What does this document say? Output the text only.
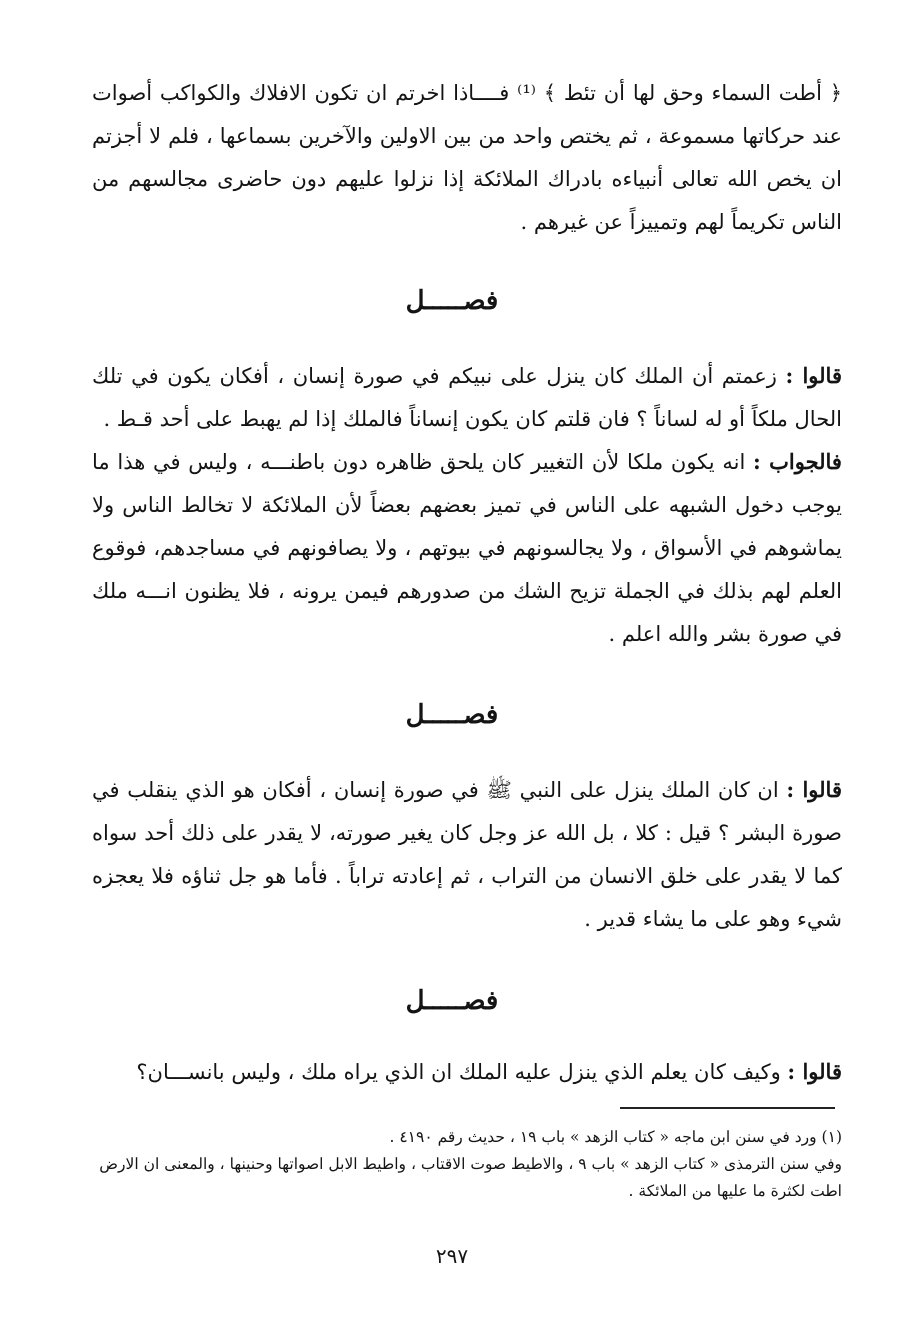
﴿ أطت السماء وحق لها أن تئط ﴾ ⁽¹⁾ فــــاذا اخرتم ان تكون الافلاك والكواكب أصوات عند حركاتها مسموعة ، ثم يختص واحد من بين الاولين والآخرين بسماعها ، فلم لا أجزتم ان يخص الله تعالى أنبياءه بادراك الملائكة إذا نزلوا عليهم دون حاضرى مجالسهم من الناس تكريماً لهم وتمييزاً عن غيرهم .

فصـــــل

قالوا : زعمتم أن الملك كان ينزل على نبيكم في صورة إنسان ، أفكان يكون في تلك الحال ملكاً أو له لساناً ؟ فان قلتم كان يكون إنساناً فالملك إذا لم يهبط على أحد قـط .

فالجواب : انه يكون ملكا لأن التغيير كان يلحق ظاهره دون باطنـــه ، وليس في هذا ما يوجب دخول الشبهه على الناس في تميز بعضهم بعضاً لأن الملائكة لا تخالط الناس ولا يماشوهم في الأسواق ، ولا يجالسونهم في بيوتهم ، ولا يصافونهم في مساجدهم، فوقوع العلم لهم بذلك في الجملة تزيح الشك من صدورهم فيمن يرونه ، فلا يظنون انـــه ملك في صورة بشر والله اعلم .

فصـــــل

قالوا : ان كان الملك ينزل على النبي ﷺ في صورة إنسان ، أفكان هو الذي ينقلب في صورة البشر ؟ قيل : كلا ، بل الله عز وجل كان يغير صورته، لا يقدر على ذلك أحد سواه كما لا يقدر على خلق الانسان من التراب ، ثم إعادته تراباً . فأما هو جل ثناؤه فلا يعجزه شيء وهو على ما يشاء قدير .

فصـــــل

قالوا : وكيف كان يعلم الذي ينزل عليه الملك ان الذي يراه ملك ، وليس بانســـان؟

(١) ورد في سنن ابن ماجه « كتاب الزهد » باب ١٩ ، حديث رقم ٤١٩٠ .

وفي سنن الترمذى « كتاب الزهد » باب ٩ ، والاطيط صوت الاقتاب ، واطيط الابل اصواتها وحنينها ، والمعنى ان الارض اطت لكثرة ما عليها من الملائكة .

٢٩٧
